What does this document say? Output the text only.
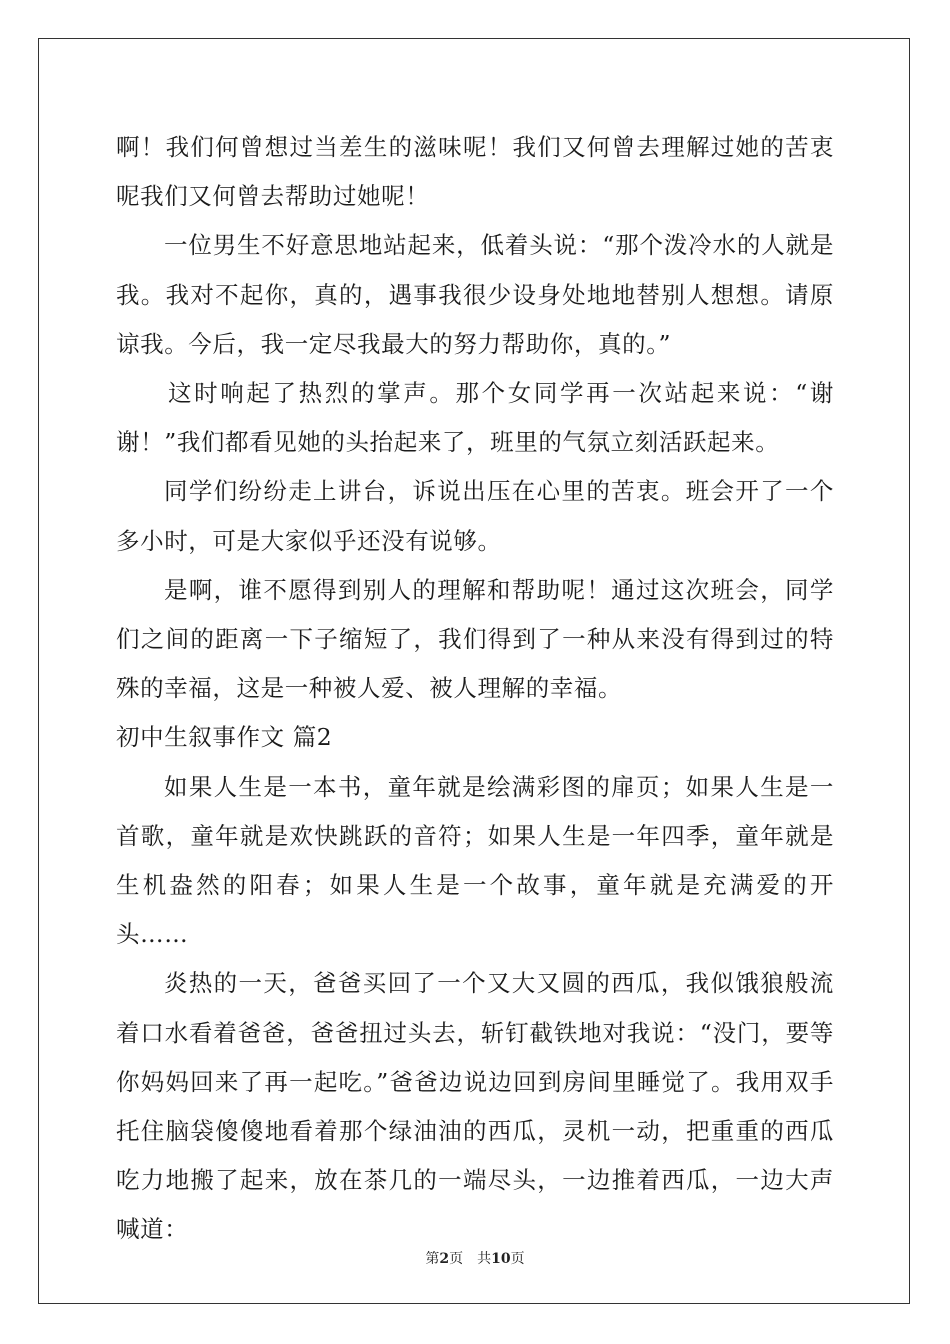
啊！我们何曾想过当差生的滋味呢！我们又何曾去理解过她的苦衷呢我们又何曾去帮助过她呢！

一位男生不好意思地站起来，低着头说：“那个泼冷水的人就是我。我对不起你，真的，遇事我很少设身处地地替别人想想。请原谅我。今后，我一定尽我最大的努力帮助你，真的。”

这时响起了热烈的掌声。那个女同学再一次站起来说：“谢谢！”我们都看见她的头抬起来了，班里的气氛立刻活跃起来。

同学们纷纷走上讲台，诉说出压在心里的苦衷。班会开了一个多小时，可是大家似乎还没有说够。

是啊，谁不愿得到别人的理解和帮助呢！通过这次班会，同学们之间的距离一下子缩短了，我们得到了一种从来没有得到过的特殊的幸福，这是一种被人爱、被人理解的幸福。

初中生叙事作文 篇2

如果人生是一本书，童年就是绘满彩图的扉页；如果人生是一首歌，童年就是欢快跳跃的音符；如果人生是一年四季，童年就是生机盎然的阳春；如果人生是一个故事，童年就是充满爱的开头……

炎热的一天，爸爸买回了一个又大又圆的西瓜，我似饿狼般流着口水看着爸爸，爸爸扭过头去，斩钉截铁地对我说：“没门，要等你妈妈回来了再一起吃。”爸爸边说边回到房间里睡觉了。我用双手托住脑袋傻傻地看着那个绿油油的西瓜，灵机一动，把重重的西瓜吃力地搬了起来，放在茶几的一端尽头，一边推着西瓜，一边大声喊道：

第2页 共10页
